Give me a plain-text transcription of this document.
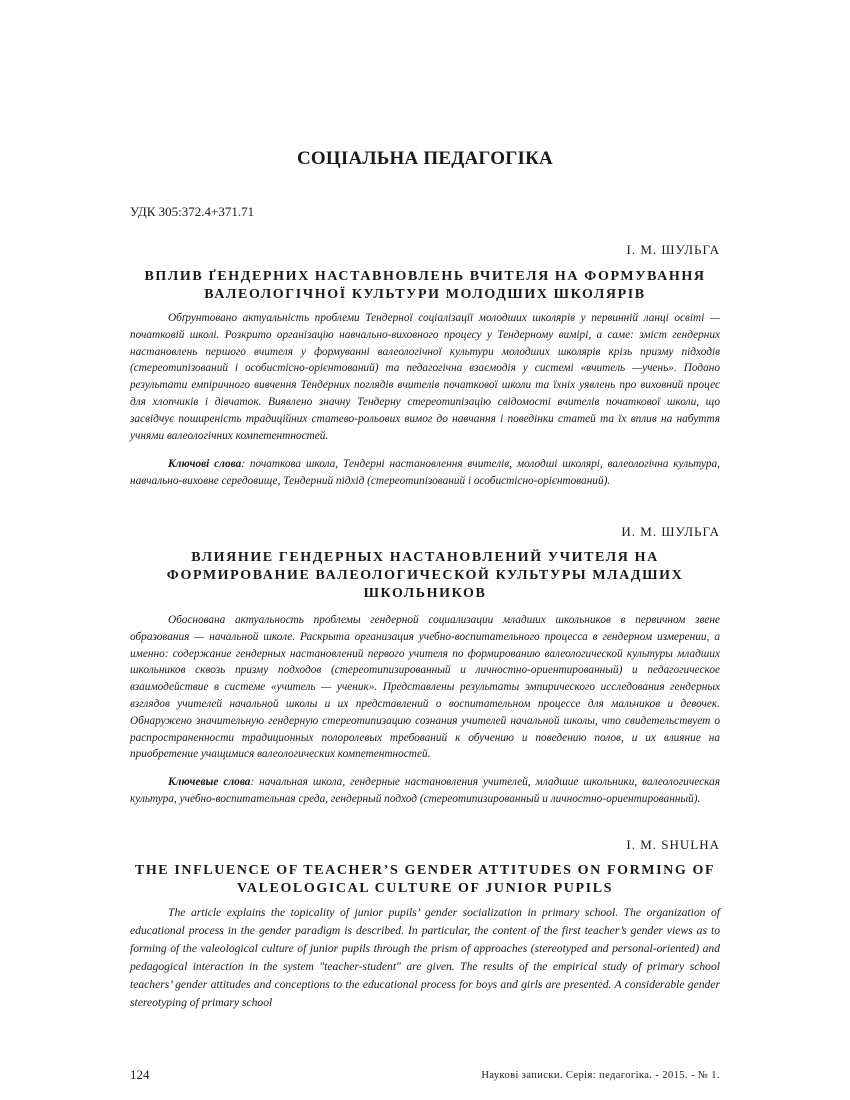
СОЦІАЛЬНА ПЕДАГОГІКА
УДК 305:372.4+371.71
І. М. ШУЛЬГА
ВПЛИВ ҐЕНДЕРНИХ НАСТАВНОВЛЕНЬ ВЧИТЕЛЯ НА ФОРМУВАННЯ
ВАЛЕОЛОГІЧНОЇ КУЛЬТУРИ МОЛОДШИХ ШКОЛЯРІВ

Обґрунтовано актуальність проблеми Тендерної соціалізації молодших школярів у первинній ланці освіті — початковій школі. Розкрито організацію навчально-виховного процесу у Тендерному вимірі, а саме: зміст гендерних настановлень першого вчителя у формуванні валеологічної культури молодших школярів крізь призму підходів (стереотипізований і особистісно-орієнтований) та педагогічна взаємодія у системі «вчитель —учень». Подано результати емпіричного вивчення Тендерних поглядів вчителів початкової школи та їхніх уявлень про виховний процес для хлопчиків і дівчаток. Виявлено значну Тендерну стереотипізацію свідомості вчителів початкової школи, що засвідчує поширеність традиційних статево-рольових вимог до навчання і поведінки статей та їх вплив на набуття учнями валеологічних компетентностей.

Ключові слова: початкова школа, Тендерні настановлення вчителів, молодші школярі, валеологічна культура, навчально-виховне середовище, Тендерний підхід (стереотипізований і особистісно-орієнтований).

И. М. ШУЛЬГА
ВЛИЯНИЕ ГЕНДЕРНЫХ НАСТАНОВЛЕНИЙ УЧИТЕЛЯ НА
ФОРМИРОВАНИЕ ВАЛЕОЛОГИЧЕСКОЙ КУЛЬТУРЫ МЛАДШИХ
ШКОЛЬНИКОВ

Обоснована актуальность проблемы гендерной социализации младших школьников в первичном звене образования — начальной школе. Раскрыта организация учебно-воспитательного процесса в гендерном измерении, а именно: содержание гендерных настановлений первого учителя по формированию валеологической культуры младших школьников сквозь призму подходов (стереотипизированный и личностно-ориентированный) и педагогическое взаимодействие в системе «учитель — ученик». Представлены результаты эмпирического исследования гендерных взглядов учителей начальной школы и их представлений о воспитательном процессе для мальчиков и девочек. Обнаружено значительную гендерную стереотипизацию сознания учителей начальной школы, что свидетельствует о распространенности традиционных полоролевых требований к обучению и поведению полов, и их влияние на приобретение учащимися валеологических компетентностей.

Ключевые слова: начальная школа, гендерные настановления учителей, младшие школьники, валеологическая культура, учебно-воспитательная среда, гендерный подход (стереотипизированный и личностно-ориентированный).

I. M. SHULHA
THE INFLUENCE OF TEACHER’S GENDER ATTITUDES ON FORMING OF
VALEOLOGICAL CULTURE OF JUNIOR PUPILS

The article explains the topicality of junior pupils’ gender socialization in primary school. The organization of educational process in the gender paradigm is described. In particular, the content of the first teacher’s gender views as to forming of the valeological culture of junior pupils through the prism of approaches (stereotyped and personal-oriented) and pedagogical interaction in the system "teacher-student" are given. The results of the empirical study of primary school teachers’ gender attitudes and conceptions to the educational process for boys and girls are presented. A considerable gender stereotyping of primary school

124	Наукові записки. Серія: педагогіка. - 2015. - № 1.
